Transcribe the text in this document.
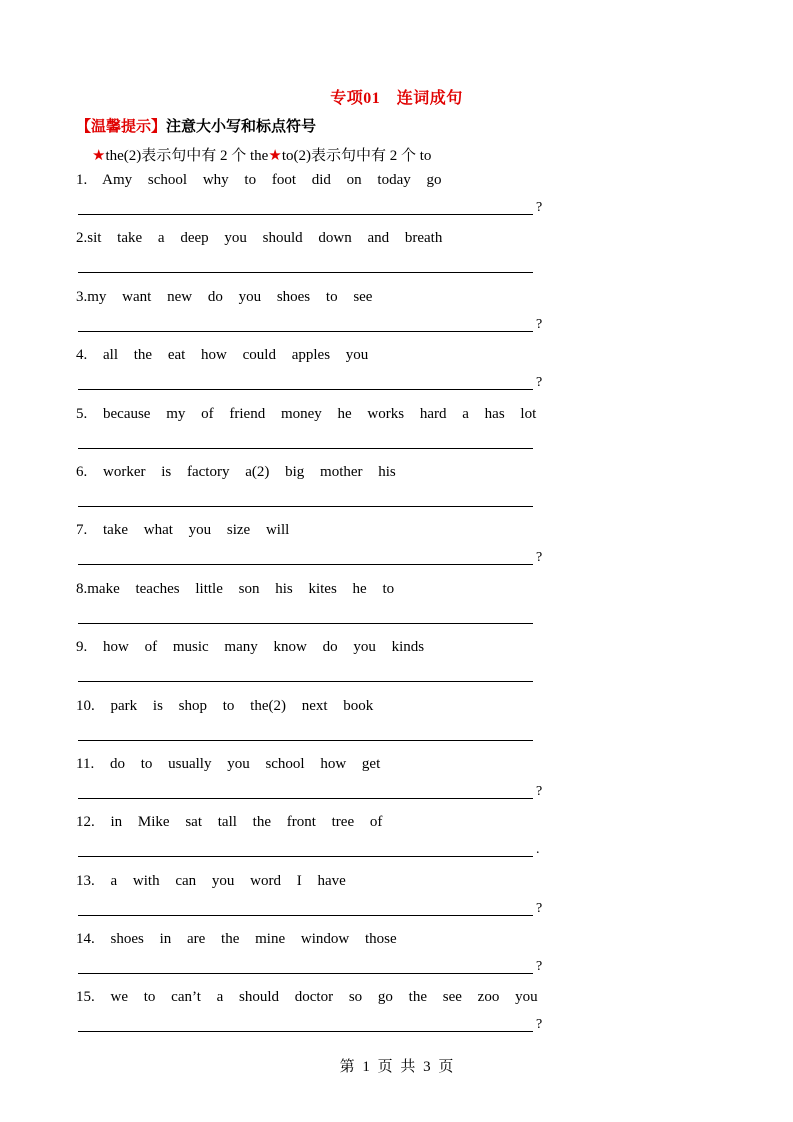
专项01　连词成句
【温馨提示】注意大小写和标点符号
★the(2)表示句中有 2 个 the★to(2)表示句中有 2 个 to
1. Amy school why to foot did on today go
?
2.sit take a deep you should down and breath
3.my want new do you shoes to see
?
4. all the eat how could apples you
?
5. because my of friend money he works hard a has lot
6. worker is factory a(2) big mother his
7. take what you size will
?
8.make teaches little son his kites he to
9. how of music many know do you kinds
10. park is shop to the(2) next book
11. do to usually you school how get
?
12. in Mike sat tall the front tree of
.
13. a with can you word I have
?
14. shoes in are the mine window those
?
15. we to can’t a should doctor so go the see zoo you
?
第 1 页 共 3 页
